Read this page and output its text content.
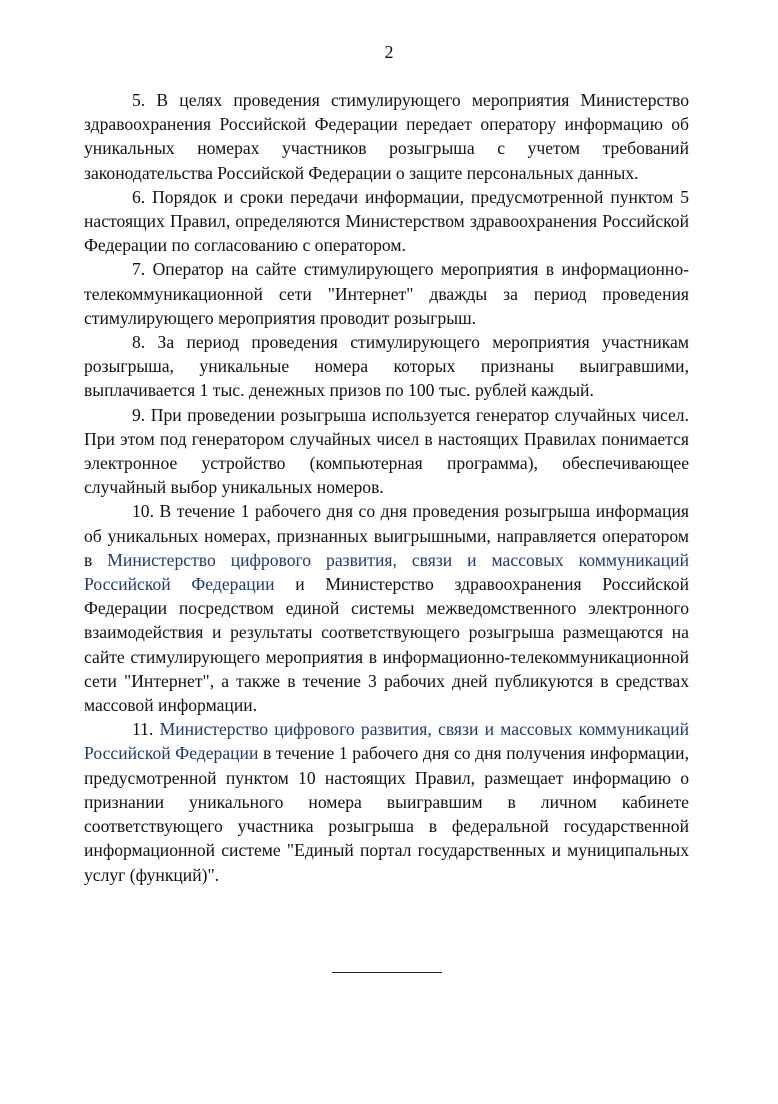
2

5. В целях проведения стимулирующего мероприятия Министерство здравоохранения Российской Федерации передает оператору информацию об уникальных номерах участников розыгрыша с учетом требований законодательства Российской Федерации о защите персональных данных.

6. Порядок и сроки передачи информации, предусмотренной пунктом 5 настоящих Правил, определяются Министерством здравоохранения Российской Федерации по согласованию с оператором.

7. Оператор на сайте стимулирующего мероприятия в информационно-телекоммуникационной сети "Интернет" дважды за период проведения стимулирующего мероприятия проводит розыгрыш.

8. За период проведения стимулирующего мероприятия участникам розыгрыша, уникальные номера которых признаны выигравшими, выплачивается 1 тыс. денежных призов по 100 тыс. рублей каждый.

9. При проведении розыгрыша используется генератор случайных чисел. При этом под генератором случайных чисел в настоящих Правилах понимается электронное устройство (компьютерная программа), обеспечивающее случайный выбор уникальных номеров.

10. В течение 1 рабочего дня со дня проведения розыгрыша информация об уникальных номерах, признанных выигрышными, направляется оператором в Министерство цифрового развития, связи и массовых коммуникаций Российской Федерации и Министерство здравоохранения Российской Федерации посредством единой системы межведомственного электронного взаимодействия и результаты соответствующего розыгрыша размещаются на сайте стимулирующего мероприятия в информационно-телекоммуникационной сети "Интернет", а также в течение 3 рабочих дней публикуются в средствах массовой информации.

11. Министерство цифрового развития, связи и массовых коммуникаций Российской Федерации в течение 1 рабочего дня со дня получения информации, предусмотренной пунктом 10 настоящих Правил, размещает информацию о признании уникального номера выигравшим в личном кабинете соответствующего участника розыгрыша в федеральной государственной информационной системе "Единый портал государственных и муниципальных услуг (функций)".
